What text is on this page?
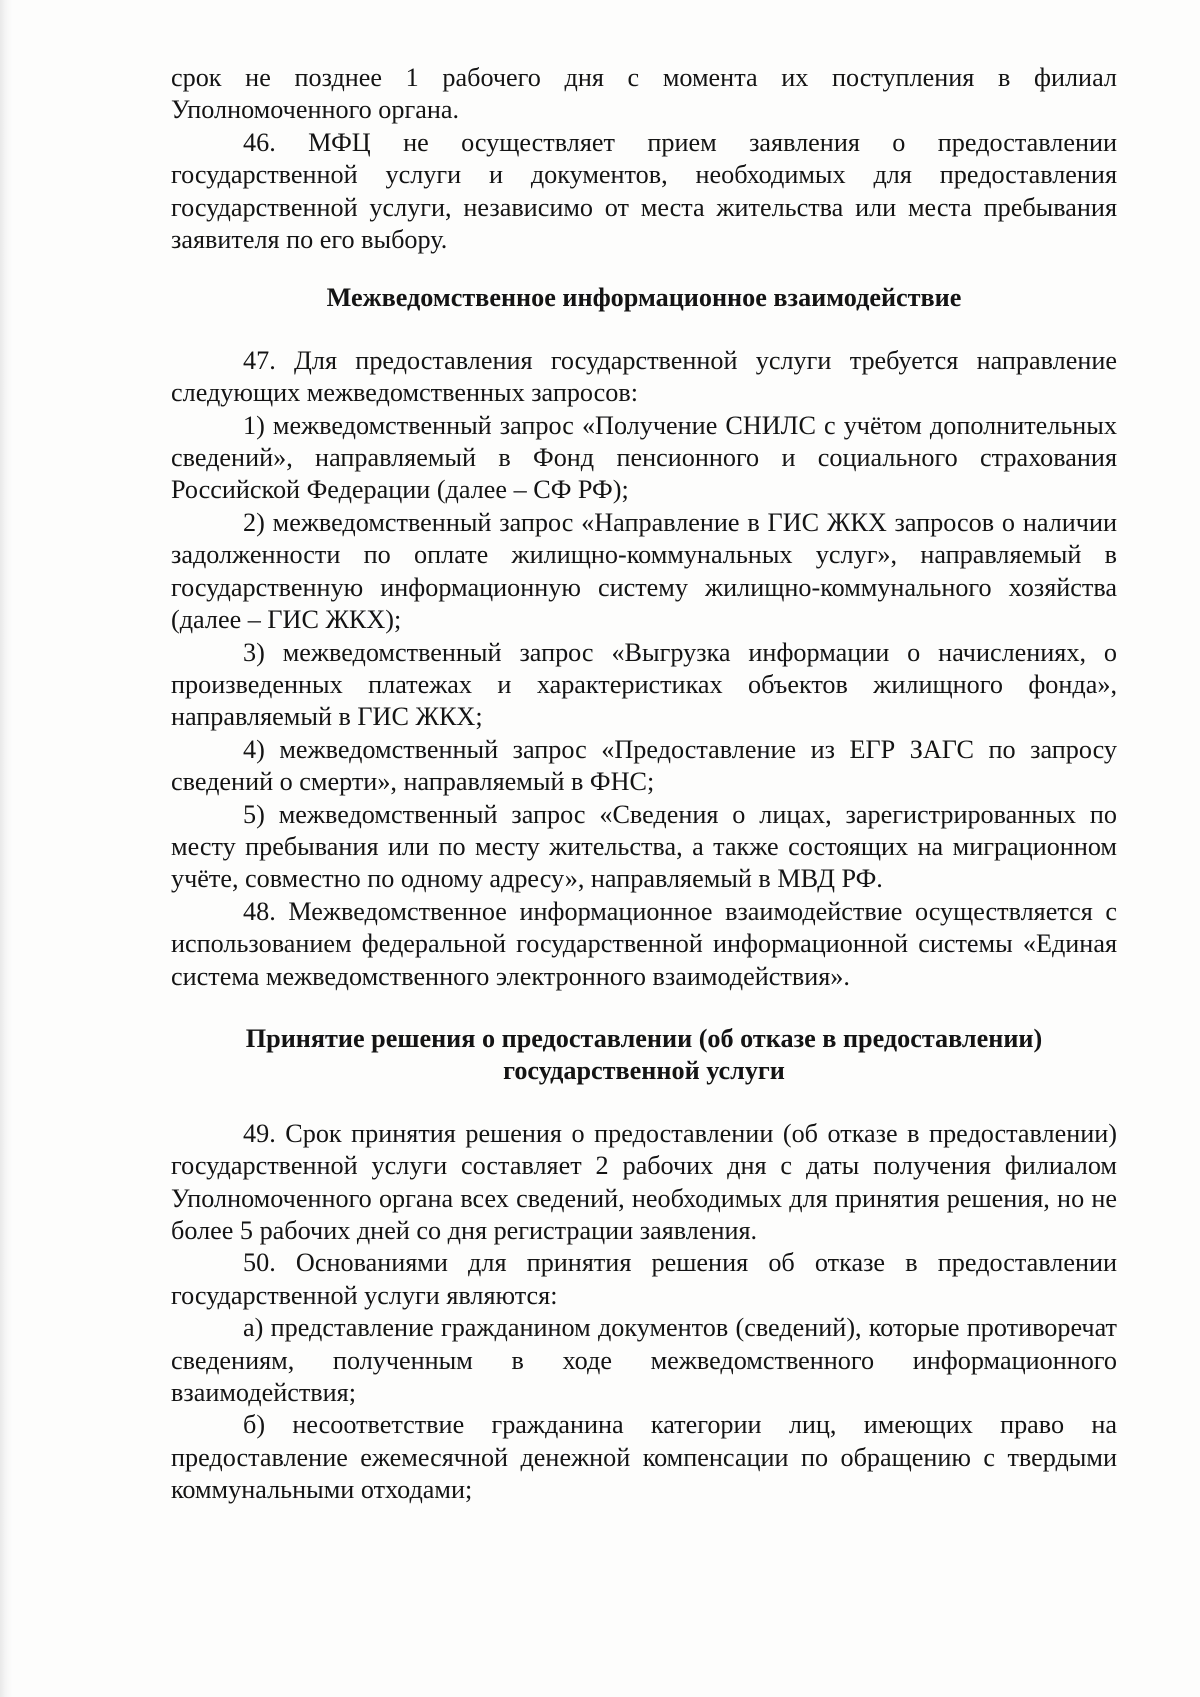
срок не позднее 1 рабочего дня с момента их поступления в филиал Уполномоченного органа.

46. МФЦ не осуществляет прием заявления о предоставлении государственной услуги и документов, необходимых для предоставления государственной услуги, независимо от места жительства или места пребывания заявителя по его выбору.

Межведомственное информационное взаимодействие

47. Для предоставления государственной услуги требуется направление следующих межведомственных запросов:

1) межведомственный запрос «Получение СНИЛС с учётом дополнительных сведений», направляемый в Фонд пенсионного и социального страхования Российской Федерации (далее – СФ РФ);

2) межведомственный запрос «Направление в ГИС ЖКХ запросов о наличии задолженности по оплате жилищно-коммунальных услуг», направляемый в государственную информационную систему жилищно-коммунального хозяйства (далее – ГИС ЖКХ);

3) межведомственный запрос «Выгрузка информации о начислениях, о произведенных платежах и характеристиках объектов жилищного фонда», направляемый в ГИС ЖКХ;

4) межведомственный запрос «Предоставление из ЕГР ЗАГС по запросу сведений о смерти», направляемый в ФНС;

5) межведомственный запрос «Сведения о лицах, зарегистрированных по месту пребывания или по месту жительства, а также состоящих на миграционном учёте, совместно по одному адресу», направляемый в МВД РФ.

48. Межведомственное информационное взаимодействие осуществляется с использованием федеральной государственной информационной системы «Единая система межведомственного электронного взаимодействия».

Принятие решения о предоставлении (об отказе в предоставлении) государственной услуги

49. Срок принятия решения о предоставлении (об отказе в предоставлении) государственной услуги составляет 2 рабочих дня с даты получения филиалом Уполномоченного органа всех сведений, необходимых для принятия решения, но не более 5 рабочих дней со дня регистрации заявления.

50. Основаниями для принятия решения об отказе в предоставлении государственной услуги являются:

а) представление гражданином документов (сведений), которые противоречат сведениям, полученным в ходе межведомственного информационного взаимодействия;

б) несоответствие гражданина категории лиц, имеющих право на предоставление ежемесячной денежной компенсации по обращению с твердыми коммунальными отходами;
